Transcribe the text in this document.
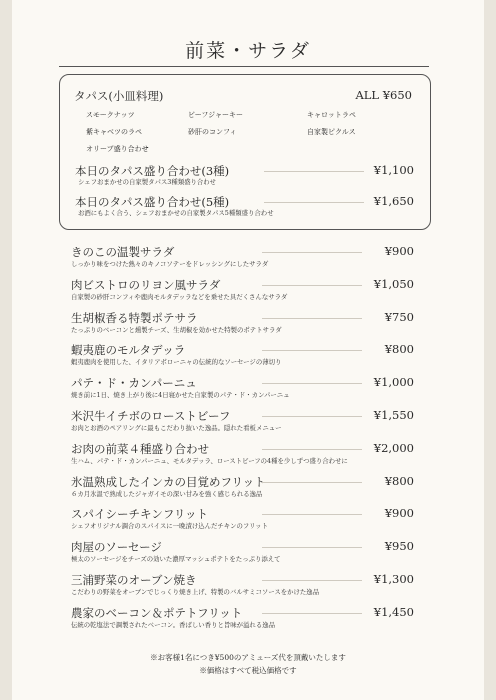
前菜・サラダ
タパス(小皿料理)	ALL ¥650
スモークナッツ	ビーフジャーキー	キャロットラペ
紫キャベツのラペ	砂肝のコンフィ	自家製ピクルス
オリーブ盛り合わせ
本日のタパス盛り合わせ(3種)	¥1,100
シェフおまかせの自家製タパス3種類盛り合わせ
本日のタパス盛り合わせ(5種)	¥1,650
お酒にもよく合う、シェフおまかせの自家製タパス5種類盛り合わせ
きのこの温製サラダ	¥900
しっかり味をつけた熱々のキノコソテーをドレッシングにしたサラダ
肉ビストロのリヨン風サラダ	¥1,050
自家製の砂肝コンフィや鹿肉モルタデッラなどを乗せた具だくさんなサラダ
生胡椒香る特製ポテサラ	¥750
たっぷりのベーコンと燻製チーズ、生胡椒を効かせた特製のポテトサラダ
蝦夷鹿のモルタデッラ	¥800
蝦夷鹿肉を使用した、イタリアボローニャの伝統的なソーセージの薄切り
パテ・ド・カンパーニュ	¥1,000
焼き前に1日、焼き上がり後に4日寝かせた自家製のパテ・ド・カンパーニュ
米沢牛イチボのローストビーフ	¥1,550
お肉とお酒のペアリングに最もこだわり抜いた逸品。隠れた看板メニュー
お肉の前菜４種盛り合わせ	¥2,000
生ハム、パテ・ド・カンパーニュ、モルタデッラ、ローストビーフの4種を少しずつ盛り合わせに
氷温熟成したインカの目覚めフリット	¥800
６カ月氷温で熟成したジャガイモの深い甘みを強く感じられる逸品
スパイシーチキンフリット	¥900
シェフオリジナル調合のスパイスに一晩漬け込んだチキンのフリット
肉屋のソーセージ	¥950
極太のソーセージをチーズの効いた濃厚マッシュポテトをたっぷり添えて
三浦野菜のオーブン焼き	¥1,300
こだわりの野菜をオーブンでじっくり焼き上げ、特製のバルサミコソースをかけた逸品
農家のベーコン＆ポテトフリット	¥1,450
伝統の乾塩法で調製されたベーコン。香ばしい香りと旨味が溢れる逸品
※お客様1名につき¥500のアミューズ代を頂戴いたします
※価格はすべて税込価格です
